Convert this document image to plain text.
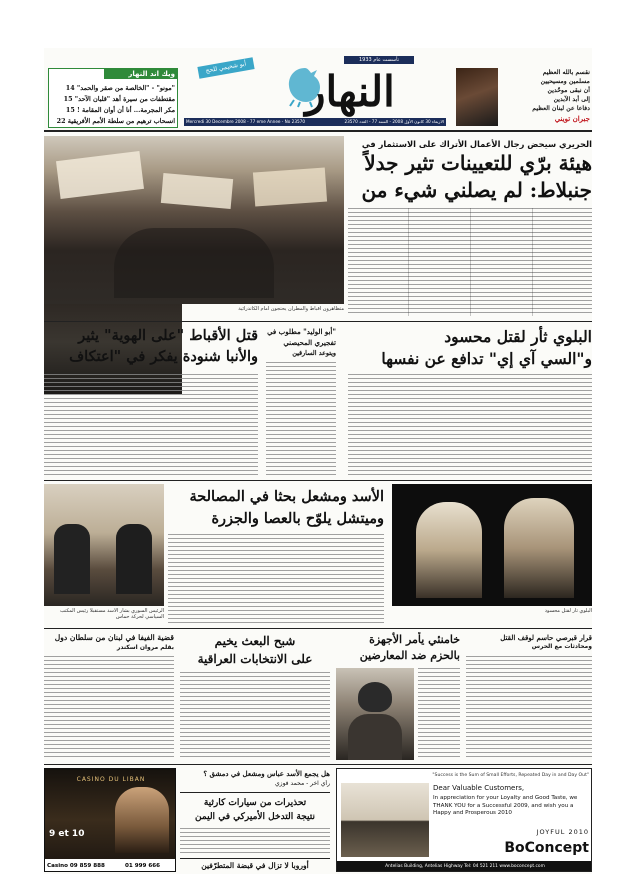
ويك اند النهار
"مونو" - "الخالصة من صقر والحمد" 14
مقتطفات من سيرة أهد "قلبان الآحد" 15
مكر المجرمة... أنا أن أوان المقامة ! 15
انسحاب ترهيم من سلطة الأمم الأفريقية 22
تأسست عام 1933
أبو شحيمي للحج	النهار
Mercredi 30 Decembre 2008 - 77 eme Annee - No 23570	الاربعاء 30 كانون الأول 2008 - السنة 77 - العدد 23570
نقسم بالله العظيم
مسلمين ومسيحيين
أن نبقى موحّدين
إلى أبد الآبدين
دفاعا عن لبنان العظيم
جبران تويني
متظاهرون أقباط والمطران يحتجون أمام الكاتدرائية
الحريري سيحض رجال الأعمال الأتراك على الاستثمار في
هيئة برّي للتعيينات تثير جدلاً
جنبلاط: لم يصلني شيء من
قتل الأقباط "على الهوية" يثير
والأنبا شنودة يفكر في "اعتكاف
"أبو الوليد" مطلوب في تفجيري المحيصني
ويتوعد السارقين
البلوي ثأر لقتل محسود
و"السي آي إي" تدافع عن نفسها
الرئيس السوري بشار الأسد مستقبلا رئيس المكتب السياسي لحركة حماس
الأسد ومشعل بحثا في المصالحة
وميتشل يلوّح بالعصا والجزرة
البلوي ثأر لقتل محسود
قضية الفيفا في لبنان من سلطان دول
بقلم مروان اسكندر	شبح البعث يخيم
على الانتخابات العراقية
خامنئي يأمر الأجهزة
بالحزم ضد المعارضين
قرار قبرصي حاسم لوقف القتل
ومحادثات مع الحرس
CASINO DU LIBAN
9 et 10
Casino 09 859 888	01 999 666
هل يجمع الأسد عباس ومشعل في دمشق ؟
رأي آخر - محمد فوزي
تحذيرات من سيارات كارثية
نتيجة التدخل الأميركي في اليمن
أوروبا لا تزال في قبضة المتطرّفين
"Success is the Sum of Small Efforts, Repeated Day in and Day Out"
Dear Valuable Customers,
In appreciation for your Loyalty and Good Taste, we THANK YOU for a Successful 2009, and wish you a Happy and Prosperous 2010
JOYFUL 2010
BoConcept
Antelias Building, Antelias Highway Tel: 04 521 211 www.boconcept.com
